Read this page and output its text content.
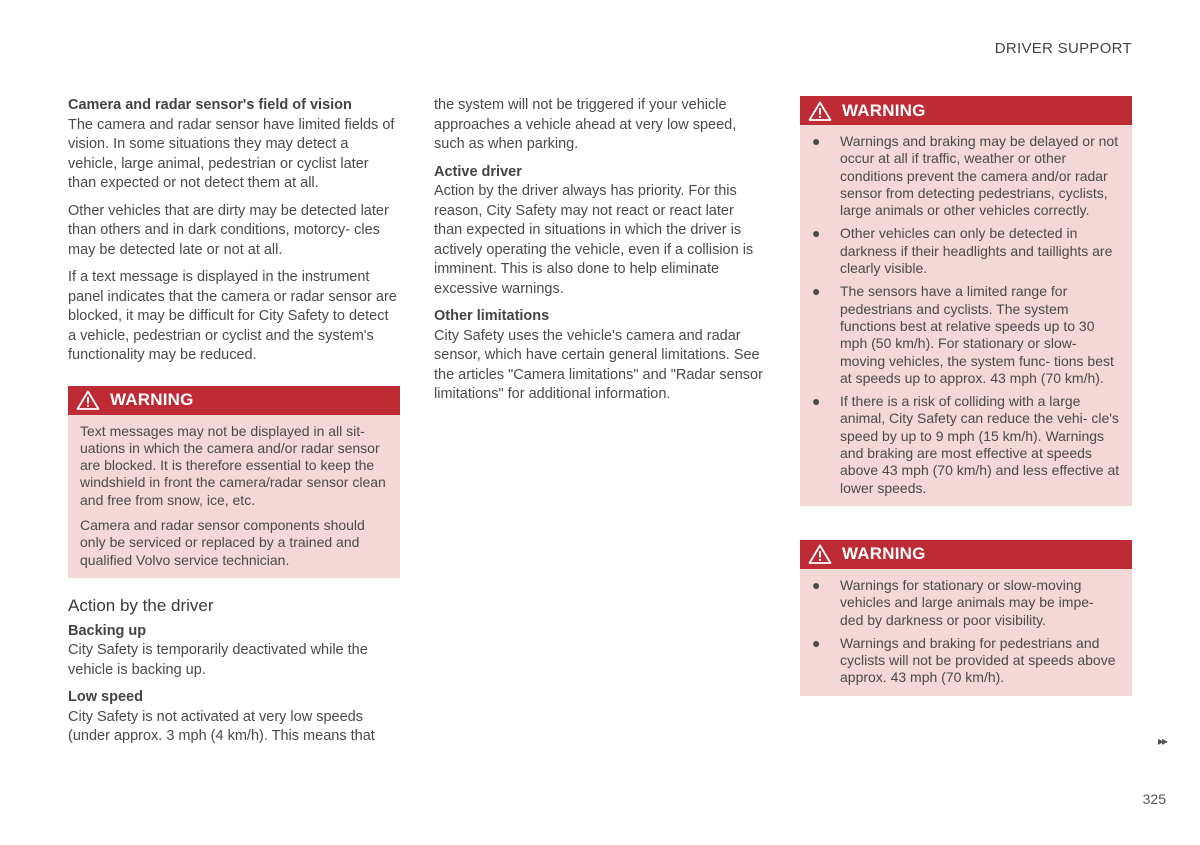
DRIVER SUPPORT
Camera and radar sensor's field of vision

The camera and radar sensor have limited fields of vision. In some situations they may detect a vehicle, large animal, pedestrian or cyclist later than expected or not detect them at all.

Other vehicles that are dirty may be detected later than others and in dark conditions, motorcy- cles may be detected late or not at all.

If a text message is displayed in the instrument panel indicates that the camera or radar sensor are blocked, it may be difficult for City Safety to detect a vehicle, pedestrian or cyclist and the system's functionality may be reduced.

WARNING

Text messages may not be displayed in all sit- uations in which the camera and/or radar sensor are blocked. It is therefore essential to keep the windshield in front the camera/radar sensor clean and free from snow, ice, etc.

Camera and radar sensor components should only be serviced or replaced by a trained and qualified Volvo service technician.

Action by the driver
Backing up

City Safety is temporarily deactivated while the vehicle is backing up.

Low speed

City Safety is not activated at very low speeds (under approx. 3 mph (4 km/h). This means that

the system will not be triggered if your vehicle approaches a vehicle ahead at very low speed, such as when parking.

Active driver

Action by the driver always has priority. For this reason, City Safety may not react or react later than expected in situations in which the driver is actively operating the vehicle, even if a collision is imminent. This is also done to help eliminate excessive warnings.

Other limitations

City Safety uses the vehicle's camera and radar sensor, which have certain general limitations. See the articles "Camera limitations" and "Radar sensor limitations" for additional information.

WARNING
● Warnings and braking may be delayed or not occur at all if traffic, weather or other conditions prevent the camera and/or radar sensor from detecting pedestrians, cyclists, large animals or other vehicles correctly.
● Other vehicles can only be detected in darkness if their headlights and taillights are clearly visible.
● The sensors have a limited range for pedestrians and cyclists. The system functions best at relative speeds up to 30 mph (50 km/h). For stationary or slow-moving vehicles, the system func- tions best at speeds up to approx. 43 mph (70 km/h).
● If there is a risk of colliding with a large animal, City Safety can reduce the vehi- cle's speed by up to 9 mph (15 km/h). Warnings and braking are most effective at speeds above 43 mph (70 km/h) and less effective at lower speeds.
WARNING
● Warnings for stationary or slow-moving vehicles and large animals may be impe- ded by darkness or poor visibility.
● Warnings and braking for pedestrians and cyclists will not be provided at speeds above approx. 43 mph (70 km/h).
▸▸
325
